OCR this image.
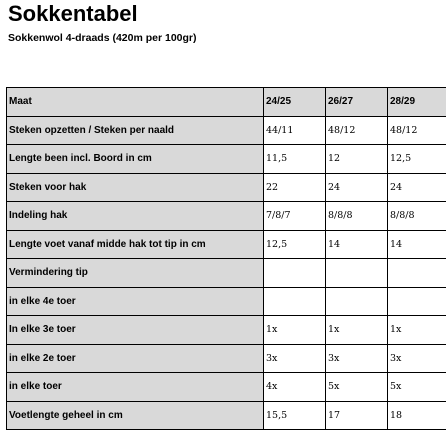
Sokkentabel

Sokkenwol 4-draads (420m per 100gr)

Maat	24/25	26/27	28/29
Steken opzetten / Steken per naald	44/11	48/12	48/12
Lengte been incl. Boord in cm	11,5	12	12,5
Steken voor hak	22	24	24
Indeling hak	7/8/7	8/8/8	8/8/8
Lengte voet vanaf midde hak tot tip in cm	12,5	14	14
Vermindering tip			
in elke 4e toer			
In elke 3e toer	1x	1x	1x
in elke 2e toer	3x	3x	3x
in elke toer	4x	5x	5x
Voetlengte geheel in cm	15,5	17	18
